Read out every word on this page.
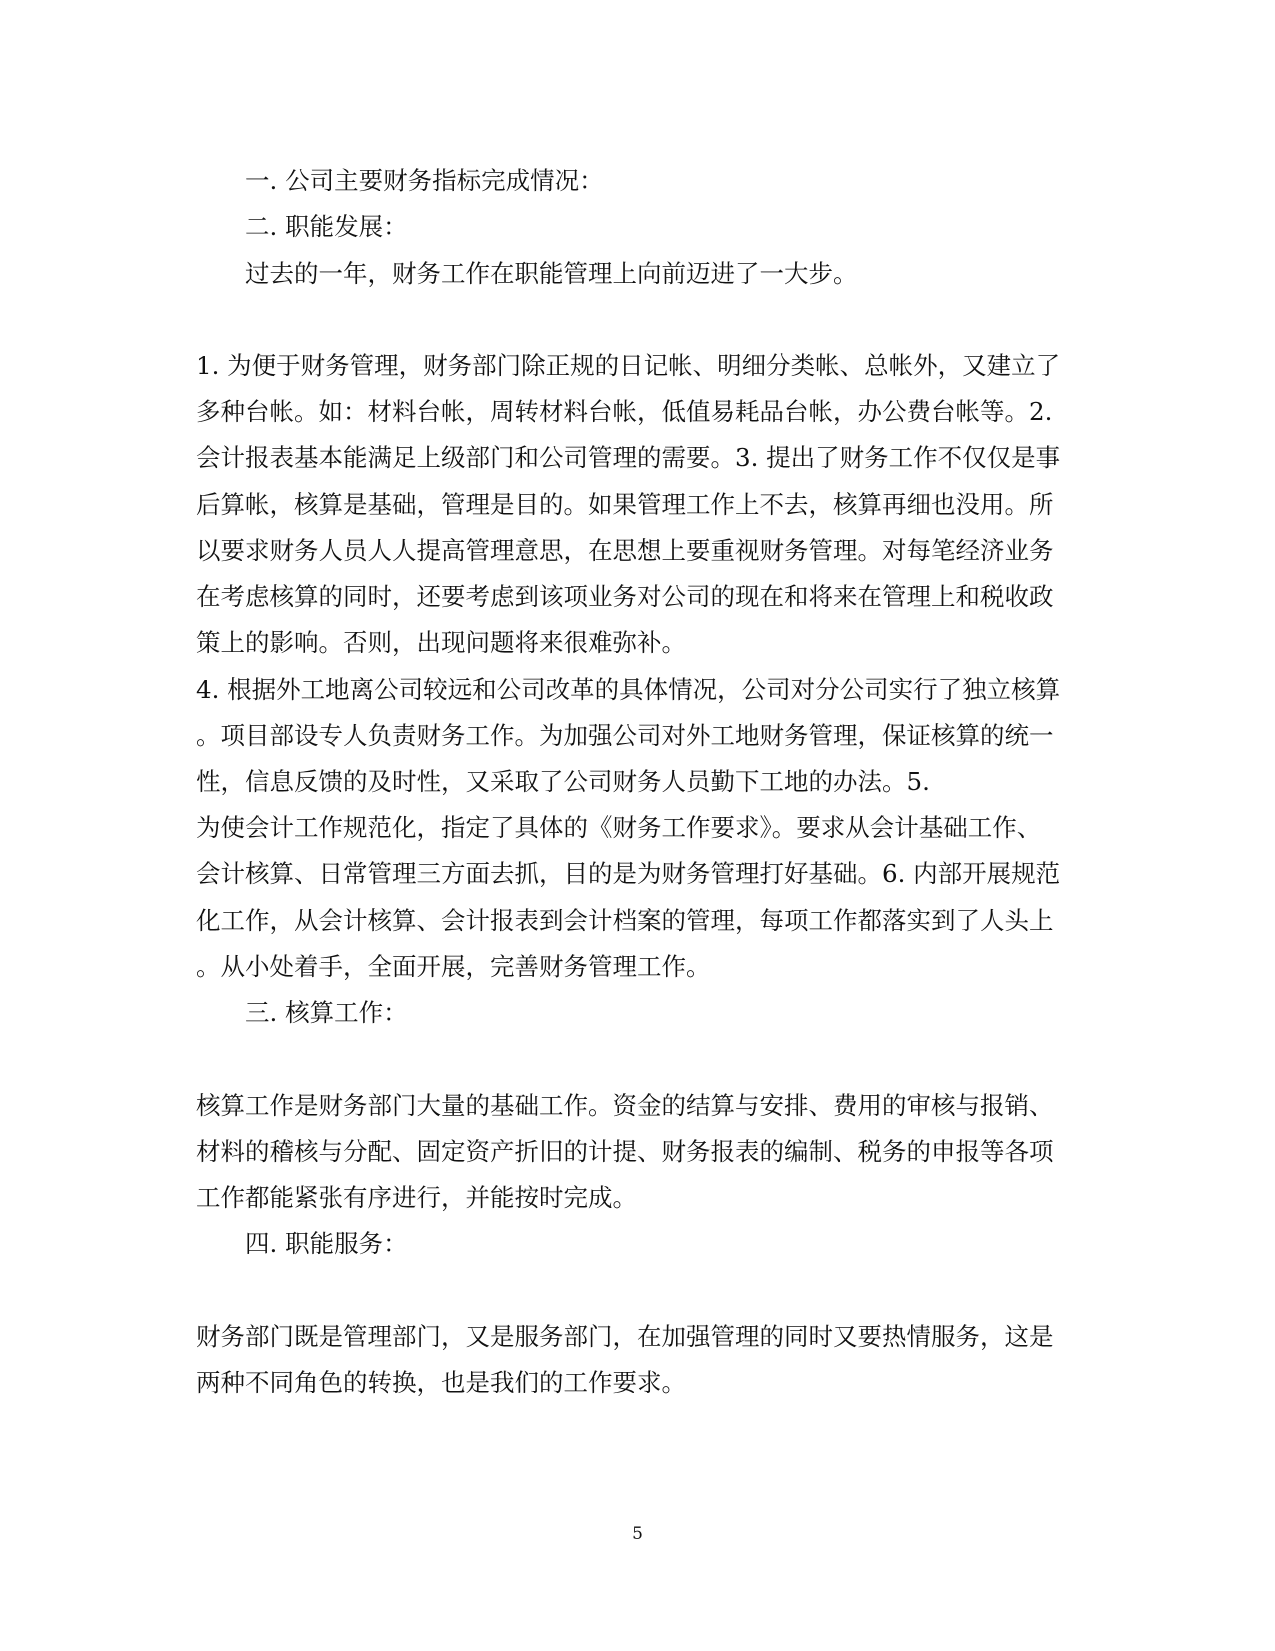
一. 公司主要财务指标完成情况：
二. 职能发展：
过去的一年，财务工作在职能管理上向前迈进了一大步。
1. 为便于财务管理，财务部门除正规的日记帐、明细分类帐、总帐外，又建立了
多种台帐。如：材料台帐，周转材料台帐，低值易耗品台帐，办公费台帐等。2.
会计报表基本能满足上级部门和公司管理的需要。3. 提出了财务工作不仅仅是事
后算帐，核算是基础，管理是目的。如果管理工作上不去，核算再细也没用。所
以要求财务人员人人提高管理意思，在思想上要重视财务管理。对每笔经济业务
在考虑核算的同时，还要考虑到该项业务对公司的现在和将来在管理上和税收政
策上的影响。否则，出现问题将来很难弥补。
4. 根据外工地离公司较远和公司改革的具体情况，公司对分公司实行了独立核算
。项目部设专人负责财务工作。为加强公司对外工地财务管理，保证核算的统一
性，信息反馈的及时性，又采取了公司财务人员勤下工地的办法。5.
为使会计工作规范化，指定了具体的《财务工作要求》。要求从会计基础工作、
会计核算、日常管理三方面去抓，目的是为财务管理打好基础。6. 内部开展规范
化工作，从会计核算、会计报表到会计档案的管理，每项工作都落实到了人头上
。从小处着手，全面开展，完善财务管理工作。
三. 核算工作：
核算工作是财务部门大量的基础工作。资金的结算与安排、费用的审核与报销、
材料的稽核与分配、固定资产折旧的计提、财务报表的编制、税务的申报等各项
工作都能紧张有序进行，并能按时完成。
四. 职能服务：
财务部门既是管理部门，又是服务部门，在加强管理的同时又要热情服务，这是
两种不同角色的转换，也是我们的工作要求。
5
